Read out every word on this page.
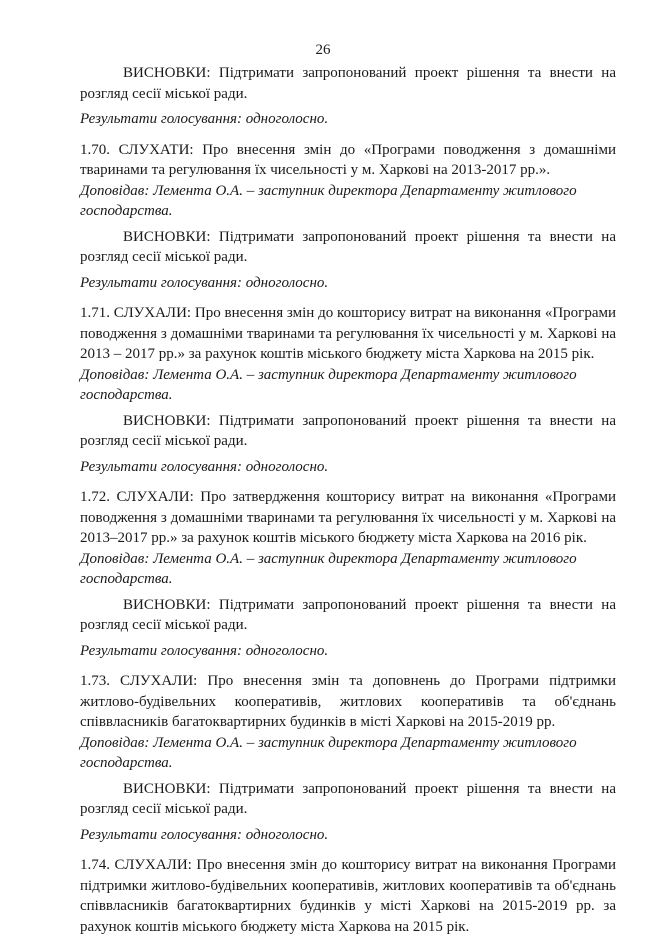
26

ВИСНОВКИ: Підтримати запропонований проект рішення та внести на розгляд сесії міської ради.

Результати голосування: одноголосно.

1.70. СЛУХАТИ: Про внесення змін до «Програми поводження з домашніми тваринами та регулювання їх чисельності у м. Харкові на 2013-2017 рр.».

Доповідав: Лемента О.А. – заступник директора Департаменту житлового господарства.

ВИСНОВКИ: Підтримати запропонований проект рішення та внести на розгляд сесії міської ради.

Результати голосування: одноголосно.

1.71. СЛУХАЛИ: Про внесення змін до кошторису витрат на виконання «Програми поводження з домашніми тваринами та регулювання їх чисельності у м. Харкові на 2013 – 2017 рр.» за рахунок коштів міського бюджету міста Харкова на 2015 рік.

Доповідав: Лемента О.А. – заступник директора Департаменту житлового господарства.

ВИСНОВКИ: Підтримати запропонований проект рішення та внести на розгляд сесії міської ради.

Результати голосування: одноголосно.

1.72. СЛУХАЛИ: Про затвердження кошторису витрат на виконання «Програми поводження з домашніми тваринами та регулювання їх чисельності у м. Харкові на 2013–2017 рр.» за рахунок коштів міського бюджету міста Харкова на 2016 рік.

Доповідав: Лемента О.А. – заступник директора Департаменту житлового господарства.

ВИСНОВКИ: Підтримати запропонований проект рішення та внести на розгляд сесії міської ради.

Результати голосування: одноголосно.

1.73. СЛУХАЛИ: Про внесення змін та доповнень до Програми підтримки житлово-будівельних кооперативів, житлових кооперативів та об'єднань співвласників багатоквартирних будинків в місті Харкові на 2015-2019 рр.

Доповідав: Лемента О.А. – заступник директора Департаменту житлового господарства.

ВИСНОВКИ: Підтримати запропонований проект рішення та внести на розгляд сесії міської ради.

Результати голосування: одноголосно.

1.74. СЛУХАЛИ: Про внесення змін до кошторису витрат на виконання Програми підтримки житлово-будівельних кооперативів, житлових кооперативів та об'єднань співвласників багатоквартирних будинків у місті Харкові на 2015-2019 рр. за рахунок коштів міського бюджету міста Харкова на 2015 рік.
